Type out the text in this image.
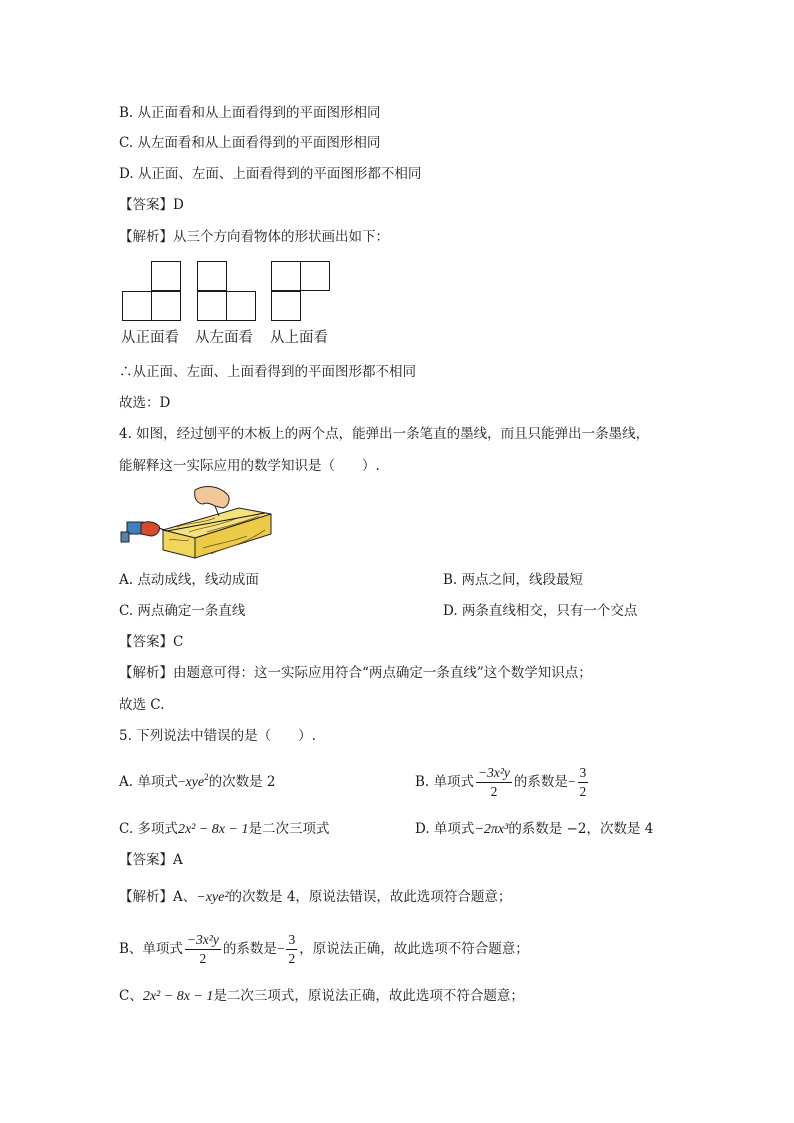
B. 从正面看和从上面看得到的平面图形相同
C. 从左面看和从上面看得到的平面图形相同
D. 从正面、左面、上面看得到的平面图形都不相同
【答案】D
【解析】从三个方向看物体的形状画出如下：
从正面看 从左面看 从上面看
∴从正面、左面、上面看得到的平面图形都不相同
故选：D
4. 如图，经过刨平的木板上的两个点，能弹出一条笔直的墨线，而且只能弹出一条墨线，
能解释这一实际应用的数学知识是（　　）.
A. 点动成线，线动成面	B. 两点之间，线段最短
C. 两点确定一条直线	D. 两条直线相交，只有一个交点
【答案】C
【解析】由题意可得：这一实际应用符合“两点确定一条直线”这个数学知识点；
故选 C.
5. 下列说法中错误的是（　　）.
A. 单项式−xye$^2$的次数是 2	B. 单项式 $\frac{\text{−3x²y}}{2}$ 的系数是− $\frac{3}{2}$
C. 多项式2x² − 8x − 1是二次三项式	D. 单项式−2πx³的系数是 −2，次数是 4
【答案】A
【解析】A、−xye²的次数是 4，原说法错误，故此选项符合题意；
B、单项式 $\frac{\text{−3x²y}}{2}$ 的系数是− $\frac{3}{2}$ ，原说法正确，故此选项不符合题意；
C、2x² − 8x − 1是二次三项式，原说法正确，故此选项不符合题意；
